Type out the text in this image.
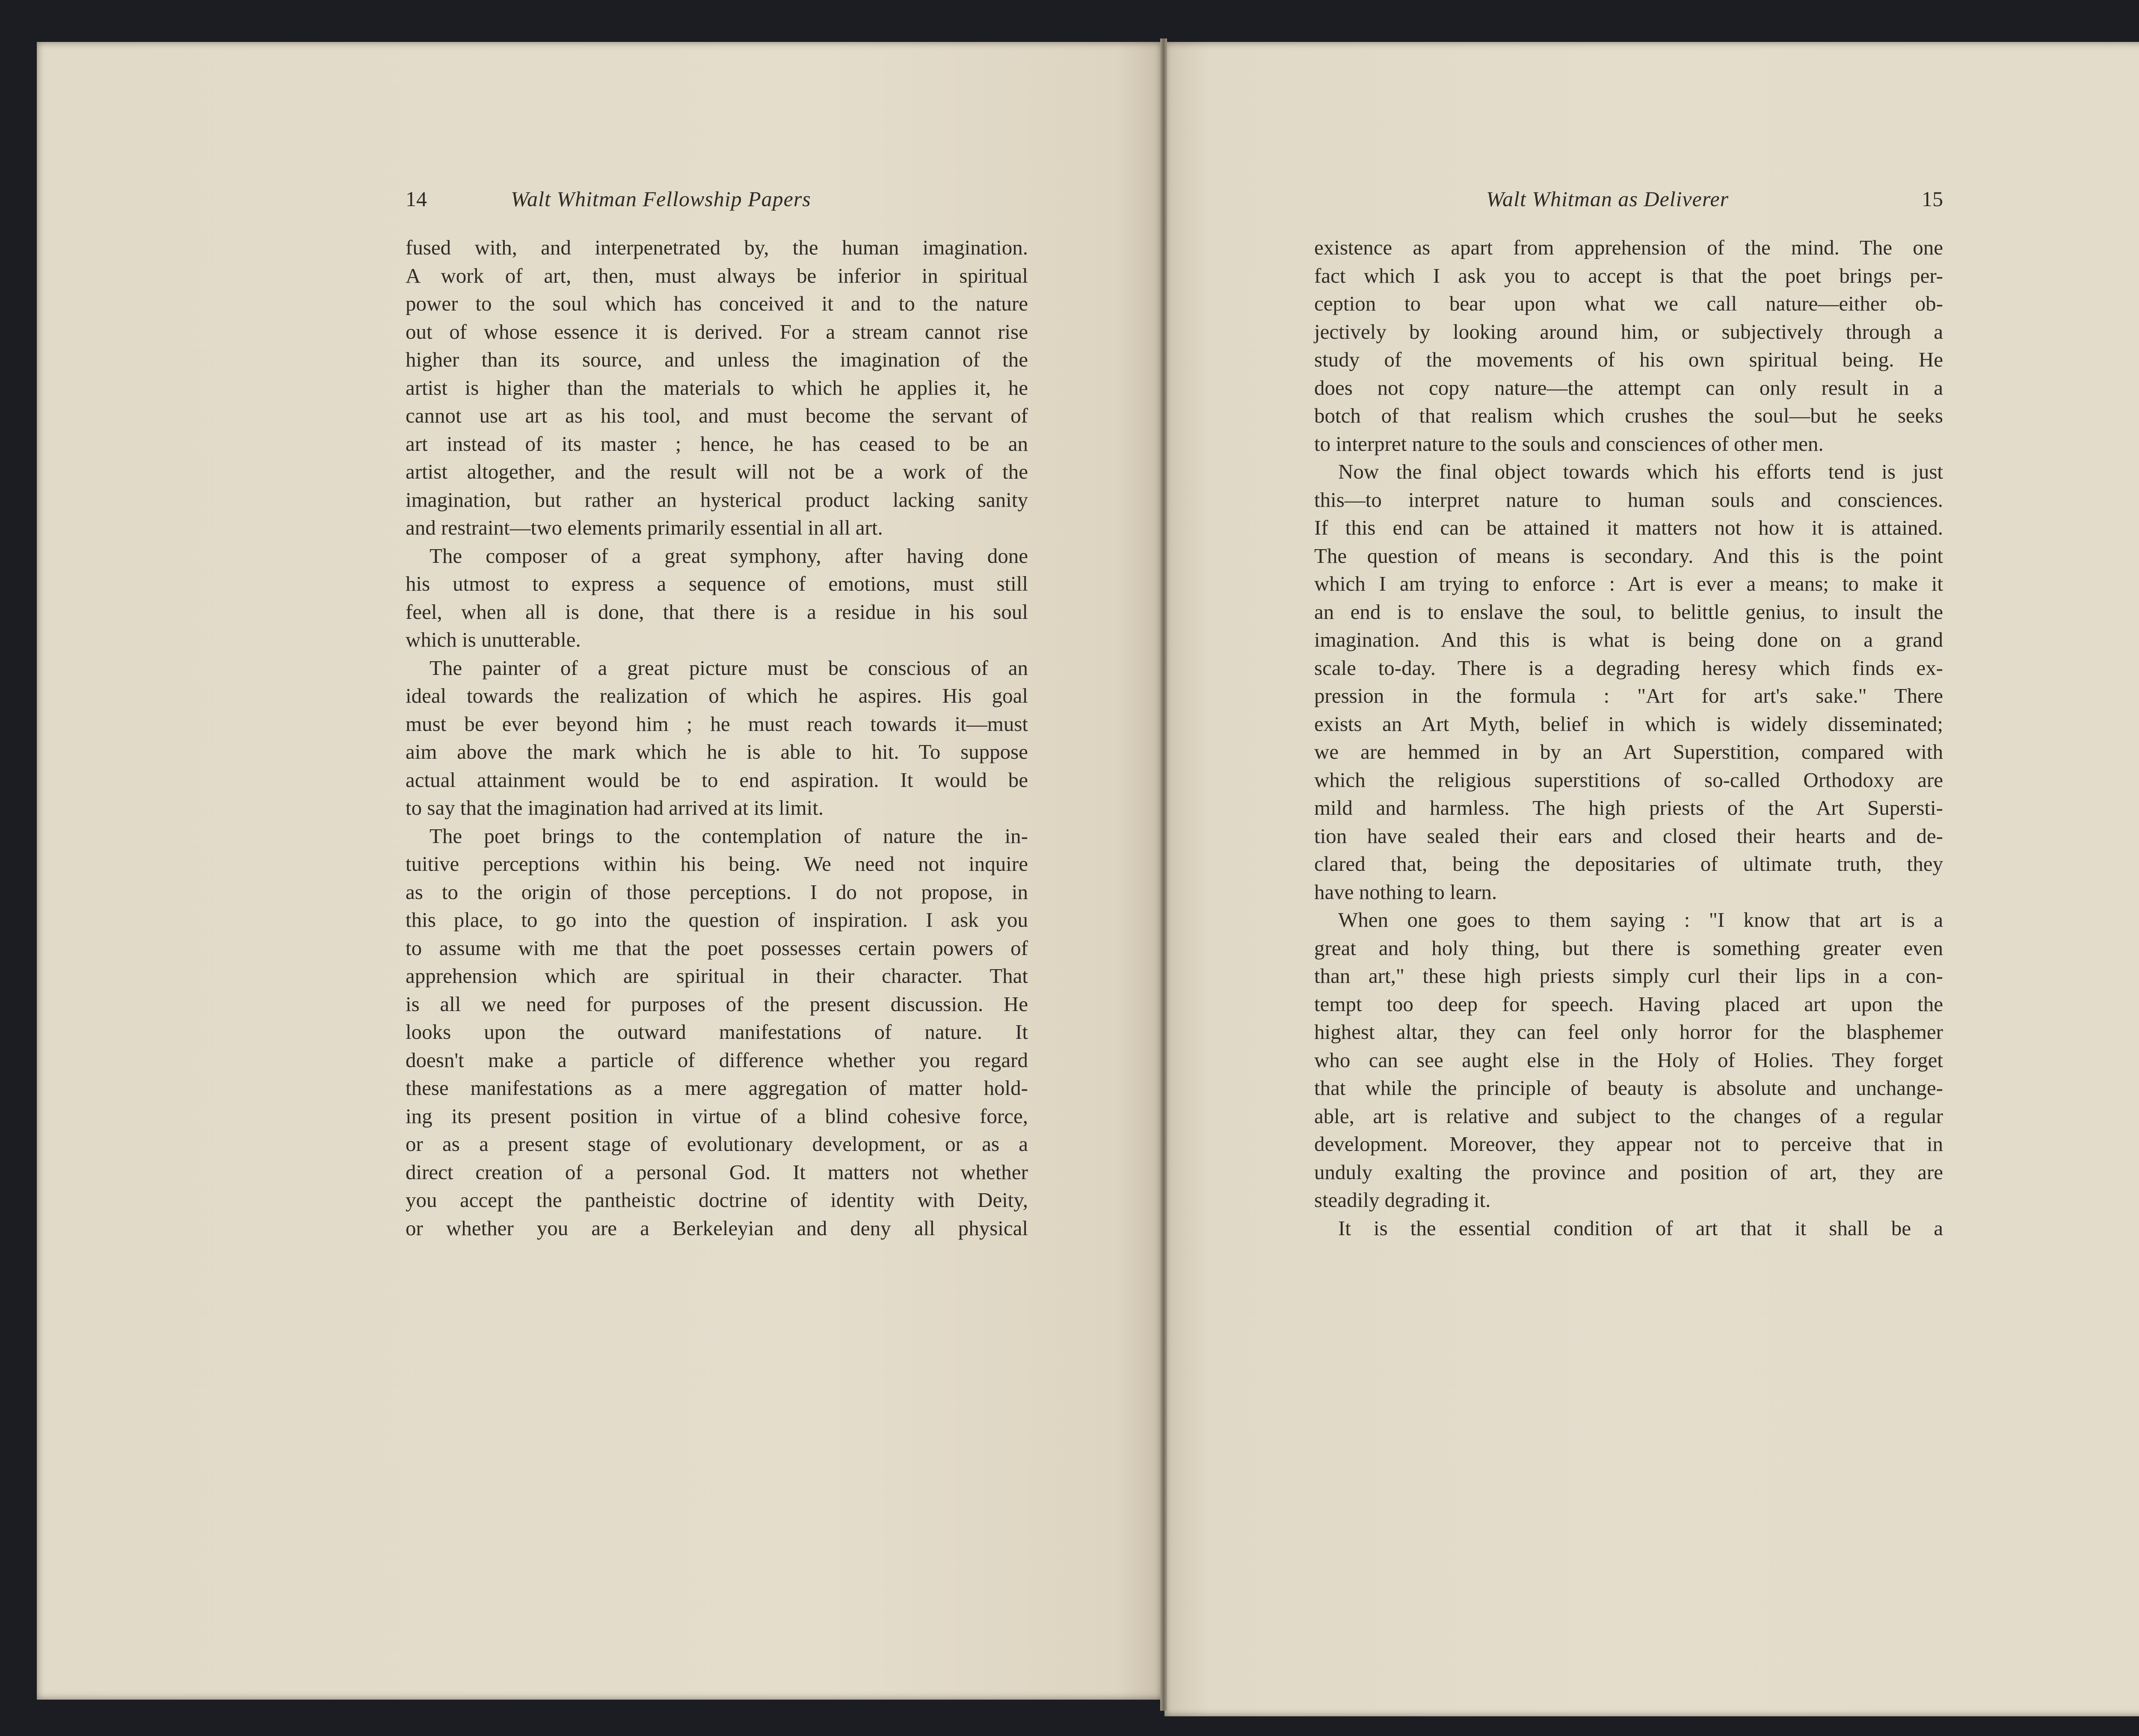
14	Walt Whitman Fellowship Papers	Walt Whitman as Deliverer	15
fused with, and interpenetrated by, the human imagination.
A work of art, then, must always be inferior in spiritual
power to the soul which has conceived it and to the nature
out of whose essence it is derived. For a stream cannot rise
higher than its source, and unless the imagination of the
artist is higher than the materials to which he applies it, he
cannot use art as his tool, and must become the servant of
art instead of its master ; hence, he has ceased to be an
artist altogether, and the result will not be a work of the
imagination, but rather an hysterical product lacking sanity
and restraint—two elements primarily essential in all art.
The composer of a great symphony, after having done
his utmost to express a sequence of emotions, must still
feel, when all is done, that there is a residue in his soul
which is unutterable.
The painter of a great picture must be conscious of an
ideal towards the realization of which he aspires. His goal
must be ever beyond him ; he must reach towards it—must
aim above the mark which he is able to hit. To suppose
actual attainment would be to end aspiration. It would be
to say that the imagination had arrived at its limit.
The poet brings to the contemplation of nature the in-
tuitive perceptions within his being. We need not inquire
as to the origin of those perceptions. I do not propose, in
this place, to go into the question of inspiration. I ask you
to assume with me that the poet possesses certain powers of
apprehension which are spiritual in their character. That
is all we need for purposes of the present discussion. He
looks upon the outward manifestations of nature. It
doesn't make a particle of difference whether you regard
these manifestations as a mere aggregation of matter hold-
ing its present position in virtue of a blind cohesive force,
or as a present stage of evolutionary development, or as a
direct creation of a personal God. It matters not whether
you accept the pantheistic doctrine of identity with Deity,
or whether you are a Berkeleyian and deny all physical
existence as apart from apprehension of the mind. The one
fact which I ask you to accept is that the poet brings per-
ception to bear upon what we call nature—either ob-
jectively by looking around him, or subjectively through a
study of the movements of his own spiritual being. He
does not copy nature—the attempt can only result in a
botch of that realism which crushes the soul—but he seeks
to interpret nature to the souls and consciences of other men.
Now the final object towards which his efforts tend is just
this—to interpret nature to human souls and consciences.
If this end can be attained it matters not how it is attained.
The question of means is secondary. And this is the point
which I am trying to enforce : Art is ever a means; to make it
an end is to enslave the soul, to belittle genius, to insult the
imagination. And this is what is being done on a grand
scale to-day. There is a degrading heresy which finds ex-
pression in the formula : "Art for art's sake." There
exists an Art Myth, belief in which is widely disseminated;
we are hemmed in by an Art Superstition, compared with
which the religious superstitions of so-called Orthodoxy are
mild and harmless. The high priests of the Art Supersti-
tion have sealed their ears and closed their hearts and de-
clared that, being the depositaries of ultimate truth, they
have nothing to learn.
When one goes to them saying : "I know that art is a
great and holy thing, but there is something greater even
than art," these high priests simply curl their lips in a con-
tempt too deep for speech. Having placed art upon the
highest altar, they can feel only horror for the blasphemer
who can see aught else in the Holy of Holies. They forget
that while the principle of beauty is absolute and unchange-
able, art is relative and subject to the changes of a regular
development. Moreover, they appear not to perceive that in
unduly exalting the province and position of art, they are
steadily degrading it.
It is the essential condition of art that it shall be a
